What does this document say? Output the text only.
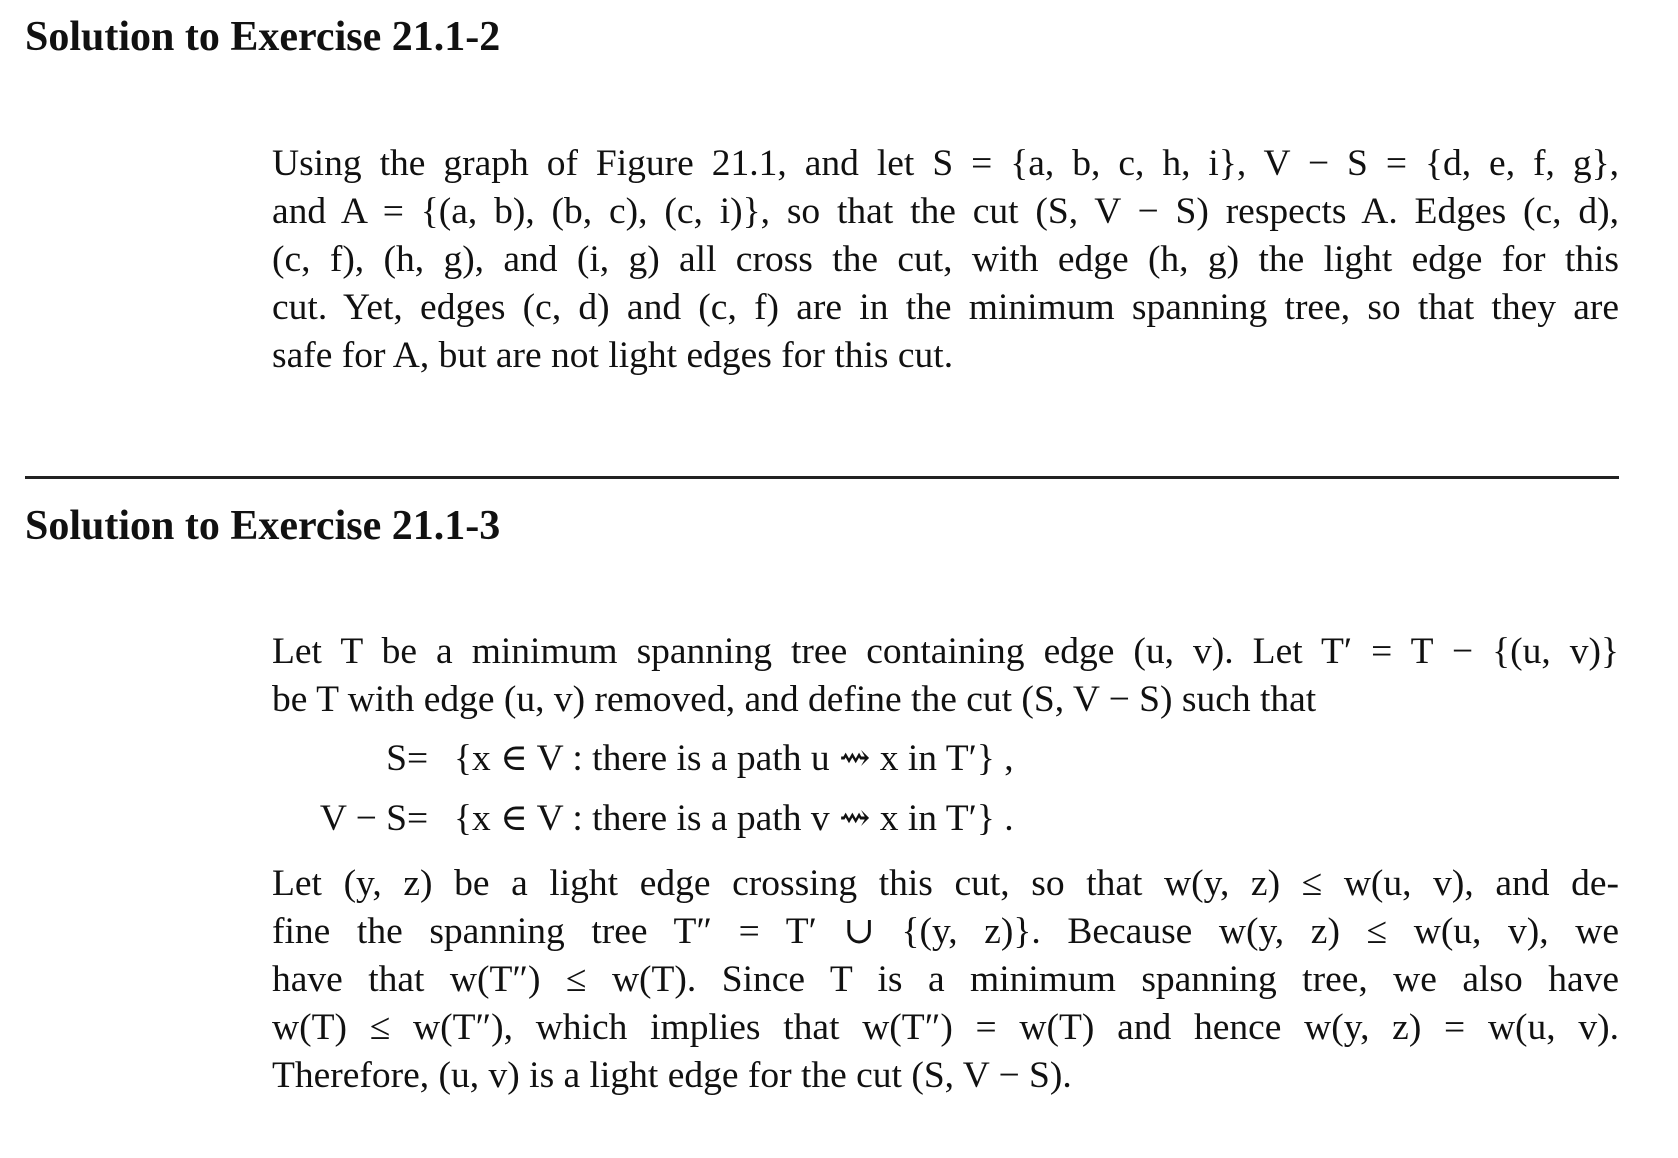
Solution to Exercise 21.1-2

Using the graph of Figure 21.1, and let S = {a, b, c, h, i}, V − S = {d, e, f, g},
and A = {(a, b), (b, c), (c, i)}, so that the cut (S, V − S) respects A. Edges (c, d),
(c, f), (h, g), and (i, g) all cross the cut, with edge (h, g) the light edge for this
cut. Yet, edges (c, d) and (c, f) are in the minimum spanning tree, so that they are
safe for A, but are not light edges for this cut.

Solution to Exercise 21.1-3

Let T be a minimum spanning tree containing edge (u, v). Let T′ = T − {(u, v)}
be T with edge (u, v) removed, and define the cut (S, V − S) such that

S = {x ∈ V : there is a path u ⇝ x in T′} ,
V − S = {x ∈ V : there is a path v ⇝ x in T′} .

Let (y, z) be a light edge crossing this cut, so that w(y, z) ≤ w(u, v), and de-
fine the spanning tree T″ = T′ ∪ {(y, z)}. Because w(y, z) ≤ w(u, v), we
have that w(T″) ≤ w(T). Since T is a minimum spanning tree, we also have
w(T) ≤ w(T″), which implies that w(T″) = w(T) and hence w(y, z) = w(u, v).
Therefore, (u, v) is a light edge for the cut (S, V − S).
